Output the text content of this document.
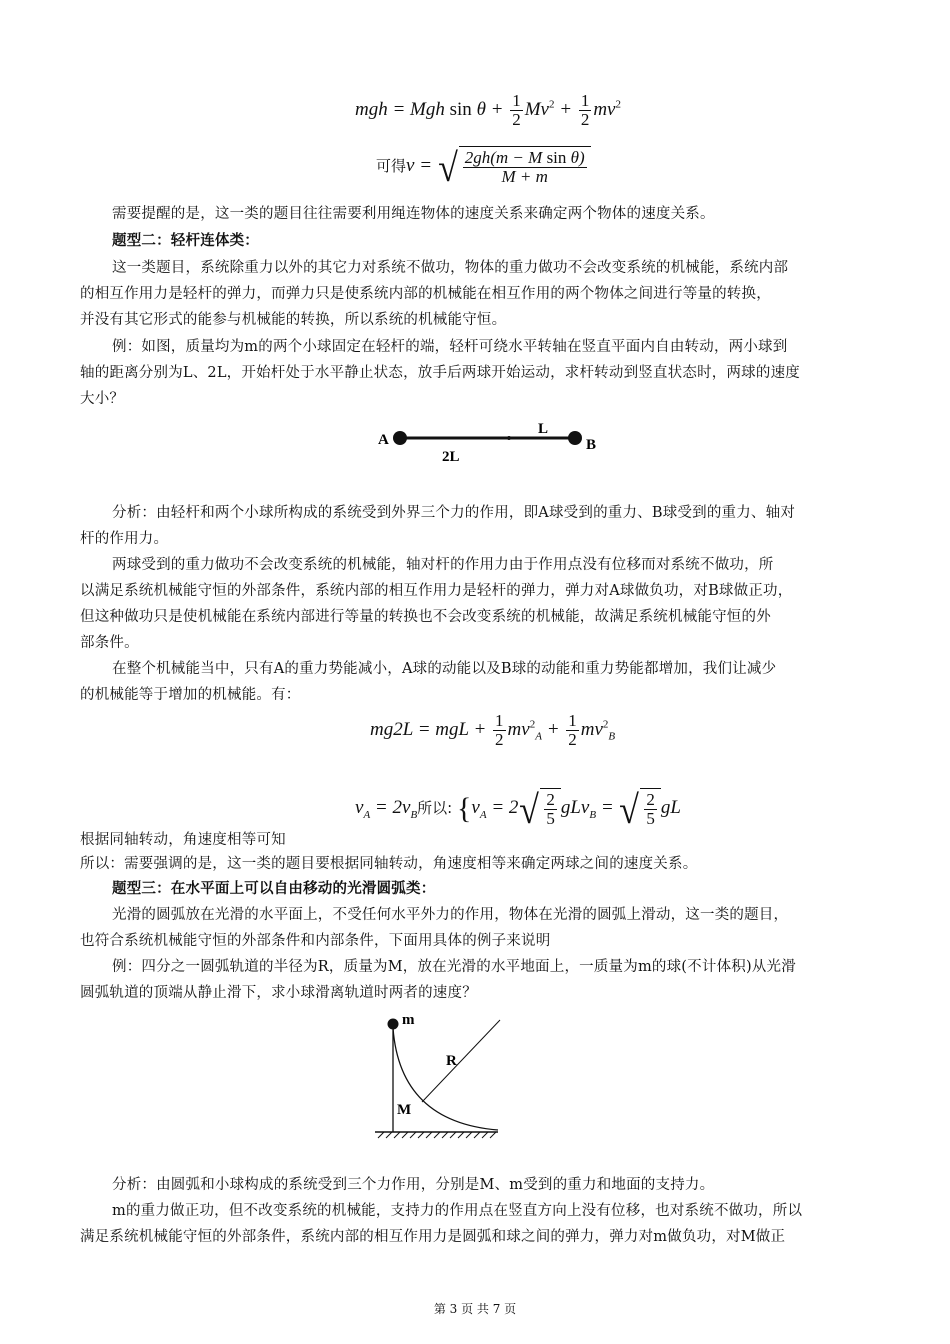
mgh = Mgh $\sin \theta + \frac{1}{2} Mv^2 + \frac{1}{2} mv^2$
可得v = √ $\frac{\text{2gh(m − M sin θ)}}{M + m}$
需要提醒的是，这一类的题目往往需要利用绳连物体的速度关系来确定两个物体的速度关系。
题型二：轻杆连体类：
这一类题目，系统除重力以外的其它力对系统不做功，物体的重力做功不会改变系统的机械能，系统内部
的相互作用力是轻杆的弹力，而弹力只是使系统内部的机械能在相互作用的两个物体之间进行等量的转换，
并没有其它形式的能参与机械能的转换，所以系统的机械能守恒。
例：如图，质量均为m的两个小球固定在轻杆的端，轻杆可绕水平转轴在竖直平面内自由转动，两小球到
轴的距离分别为L、2L，开始杆处于水平静止状态，放手后两球开始运动，求杆转动到竖直状态时，两球的速度
大小？
A	B
L
2L
分析：由轻杆和两个小球所构成的系统受到外界三个力的作用，即A球受到的重力、B球受到的重力、轴对
杆的作用力。
两球受到的重力做功不会改变系统的机械能，轴对杆的作用力由于作用点没有位移而对系统不做功，所
以满足系统机械能守恒的外部条件，系统内部的相互作用力是轻杆的弹力，弹力对A球做负功，对B球做正功，
但这种做功只是使机械能在系统内部进行等量的转换也不会改变系统的机械能，故满足系统机械能守恒的外
部条件。
在整个机械能当中，只有A的重力势能减小，A球的动能以及B球的动能和重力势能都增加，我们让减少
的机械能等于增加的机械能。有：
mg2L = mgL + $\frac{1}{2} mv^2_A + \frac{1}{2} mv^2_B$
$v_A = 2v_B$所以: {$v_A = 2√ \frac{2}{5} gLv_B$ = √ $\frac{2}{5}$ gL
根据同轴转动，角速度相等可知
所以：需要强调的是，这一类的题目要根据同轴转动，角速度相等来确定两球之间的速度关系。
题型三：在水平面上可以自由移动的光滑圆弧类：
光滑的圆弧放在光滑的水平面上，不受任何水平外力的作用，物体在光滑的圆弧上滑动，这一类的题目，
也符合系统机械能守恒的外部条件和内部条件，下面用具体的例子来说明
例：四分之一圆弧轨道的半径为R，质量为M，放在光滑的水平地面上，一质量为m的球(不计体积)从光滑
圆弧轨道的顶端从静止滑下，求小球滑离轨道时两者的速度？
m
R
M
分析：由圆弧和小球构成的系统受到三个力作用，分别是M、m受到的重力和地面的支持力。
m的重力做正功，但不改变系统的机械能，支持力的作用点在竖直方向上没有位移，也对系统不做功，所以
满足系统机械能守恒的外部条件，系统内部的相互作用力是圆弧和球之间的弹力，弹力对m做负功，对M做正
第 3 页 共 7 页
